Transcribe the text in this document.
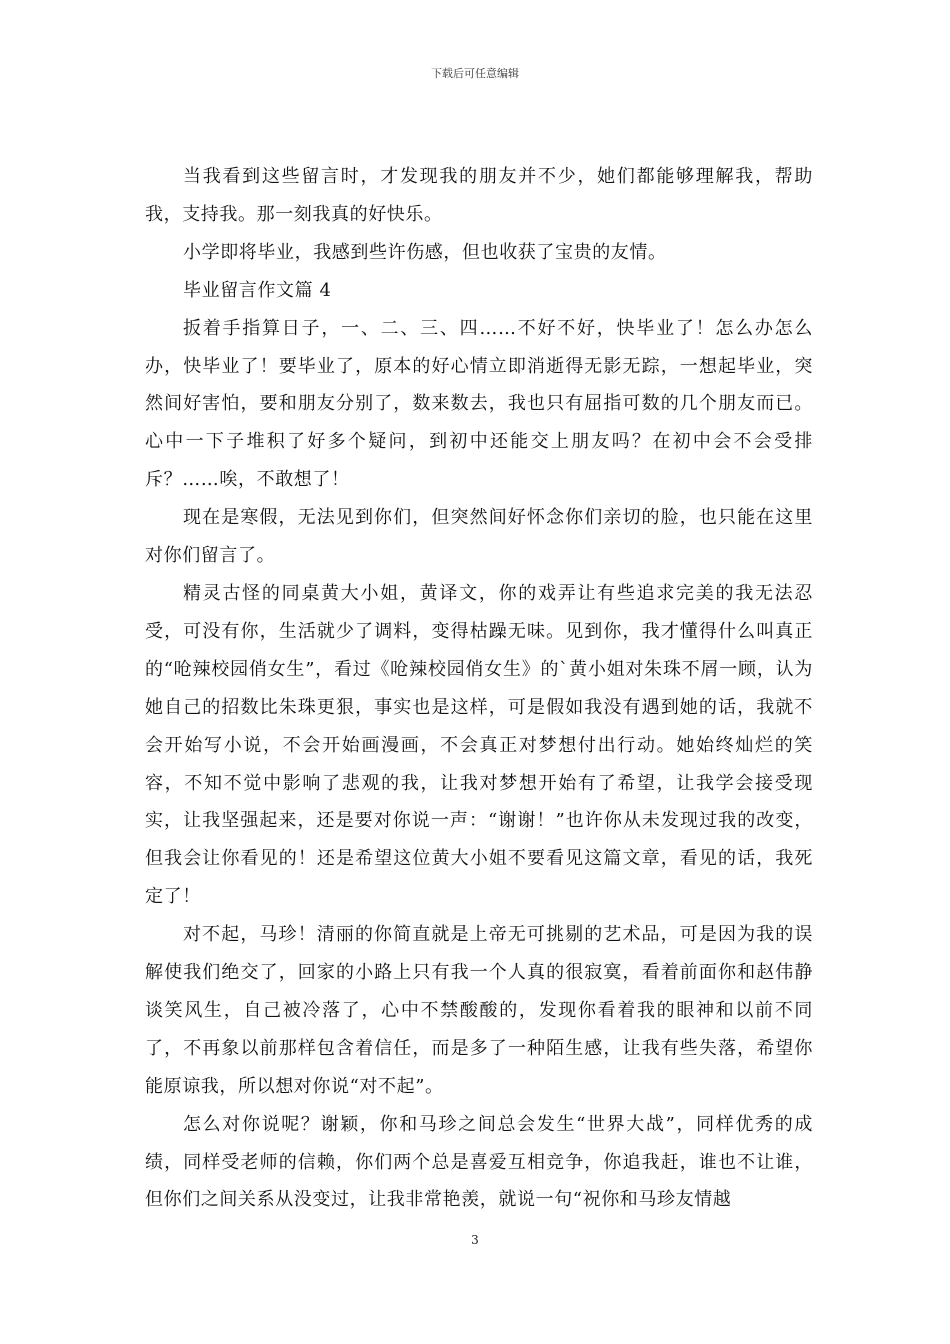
下载后可任意编辑

当我看到这些留言时，才发现我的朋友并不少，她们都能够理解我，帮助我，支持我。那一刻我真的好快乐。

小学即将毕业，我感到些许伤感，但也收获了宝贵的友情。

毕业留言作文篇 4

扳着手指算日子，一、二、三、四……不好不好，快毕业了！怎么办怎么办，快毕业了！要毕业了，原本的好心情立即消逝得无影无踪，一想起毕业，突然间好害怕，要和朋友分别了，数来数去，我也只有屈指可数的几个朋友而已。心中一下子堆积了好多个疑问，到初中还能交上朋友吗？在初中会不会受排斥？……唉，不敢想了！

现在是寒假，无法见到你们，但突然间好怀念你们亲切的脸，也只能在这里对你们留言了。

精灵古怪的同桌黄大小姐，黄译文，你的戏弄让有些追求完美的我无法忍受，可没有你，生活就少了调料，变得枯躁无味。见到你，我才懂得什么叫真正的“呛辣校园俏女生”，看过《呛辣校园俏女生》的`黄小姐对朱珠不屑一顾，认为她自己的招数比朱珠更狠，事实也是这样，可是假如我没有遇到她的话，我就不会开始写小说，不会开始画漫画，不会真正对梦想付出行动。她始终灿烂的笑容，不知不觉中影响了悲观的我，让我对梦想开始有了希望，让我学会接受现实，让我坚强起来，还是要对你说一声：“谢谢！”也许你从未发现过我的改变，但我会让你看见的！还是希望这位黄大小姐不要看见这篇文章，看见的话，我死定了！

对不起，马珍！清丽的你简直就是上帝无可挑剔的艺术品，可是因为我的误解使我们绝交了，回家的小路上只有我一个人真的很寂寞，看着前面你和赵伟静谈笑风生，自己被冷落了，心中不禁酸酸的，发现你看着我的眼神和以前不同了，不再象以前那样包含着信任，而是多了一种陌生感，让我有些失落，希望你能原谅我，所以想对你说“对不起”。

怎么对你说呢？谢颖，你和马珍之间总会发生“世界大战”，同样优秀的成绩，同样受老师的信赖，你们两个总是喜爱互相竞争，你追我赶，谁也不让谁，但你们之间关系从没变过，让我非常艳羡，就说一句“祝你和马珍友情越

3
